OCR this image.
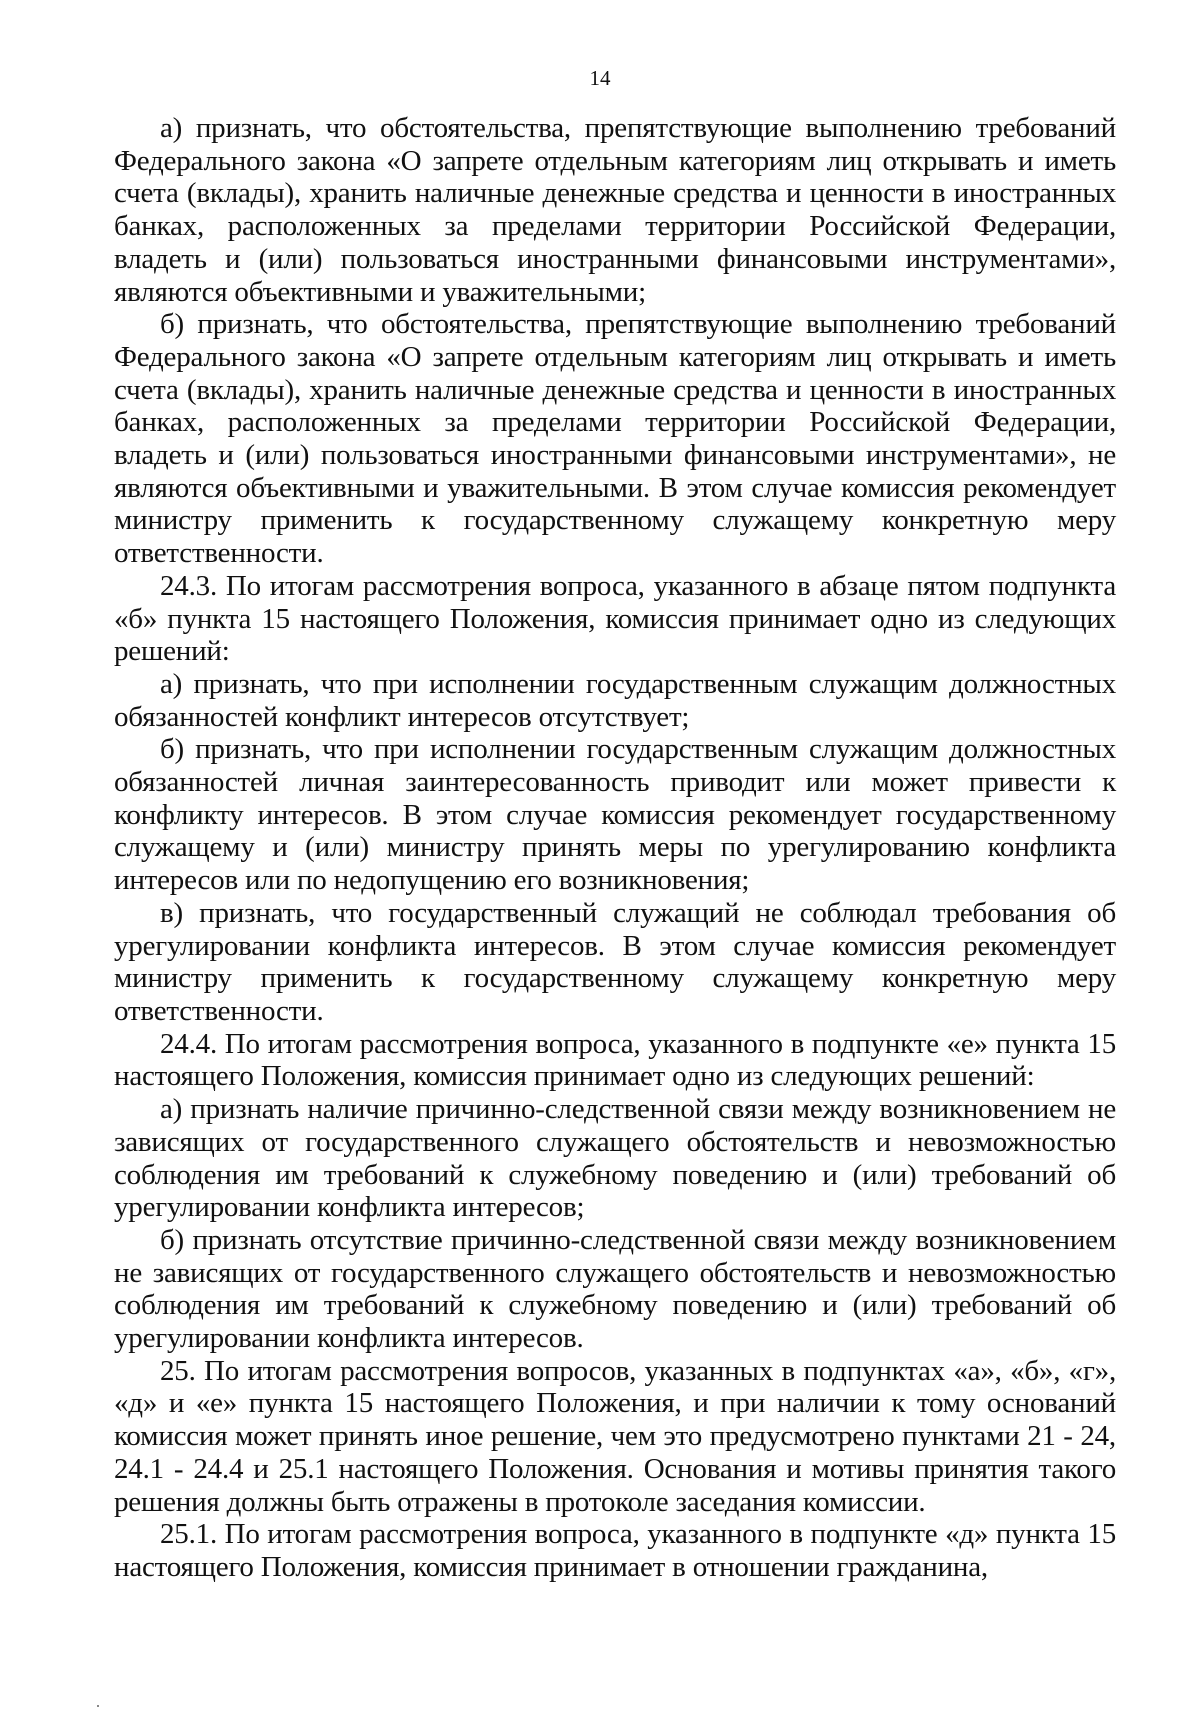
14

а) признать, что обстоятельства, препятствующие выполнению требований Федерального закона «О запрете отдельным категориям лиц открывать и иметь счета (вклады), хранить наличные денежные средства и ценности в иностранных банках, расположенных за пределами территории Российской Федерации, владеть и (или) пользоваться иностранными финансовыми инструментами», являются объективными и уважительными;

б) признать, что обстоятельства, препятствующие выполнению требований Федерального закона «О запрете отдельным категориям лиц открывать и иметь счета (вклады), хранить наличные денежные средства и ценности в иностранных банках, расположенных за пределами территории Российской Федерации, владеть и (или) пользоваться иностранными финансовыми инструментами», не являются объективными и уважительными. В этом случае комиссия рекомендует министру применить к государственному служащему конкретную меру ответственности.

24.3. По итогам рассмотрения вопроса, указанного в абзаце пятом подпункта «б» пункта 15 настоящего Положения, комиссия принимает одно из следующих решений:

а) признать, что при исполнении государственным служащим должностных обязанностей конфликт интересов отсутствует;

б) признать, что при исполнении государственным служащим должностных обязанностей личная заинтересованность приводит или может привести к конфликту интересов. В этом случае комиссия рекомендует государственному служащему и (или) министру принять меры по урегулированию конфликта интересов или по недопущению его возникновения;

в) признать, что государственный служащий не соблюдал требования об урегулировании конфликта интересов. В этом случае комиссия рекомендует министру применить к государственному служащему конкретную меру ответственности.

24.4. По итогам рассмотрения вопроса, указанного в подпункте «е» пункта 15 настоящего Положения, комиссия принимает одно из следующих решений:

а) признать наличие причинно-следственной связи между возникновением не зависящих от государственного служащего обстоятельств и невозможностью соблюдения им требований к служебному поведению и (или) требований об урегулировании конфликта интересов;

б) признать отсутствие причинно-следственной связи между возникновением не зависящих от государственного служащего обстоятельств и невозможностью соблюдения им требований к служебному поведению и (или) требований об урегулировании конфликта интересов.

25. По итогам рассмотрения вопросов, указанных в подпунктах «а», «б», «г», «д» и «е» пункта 15 настоящего Положения, и при наличии к тому оснований комиссия может принять иное решение, чем это предусмотрено пунктами 21 - 24, 24.1 - 24.4 и 25.1 настоящего Положения. Основания и мотивы принятия такого решения должны быть отражены в протоколе заседания комиссии.

25.1. По итогам рассмотрения вопроса, указанного в подпункте «д» пункта 15 настоящего Положения, комиссия принимает в отношении гражданина,
